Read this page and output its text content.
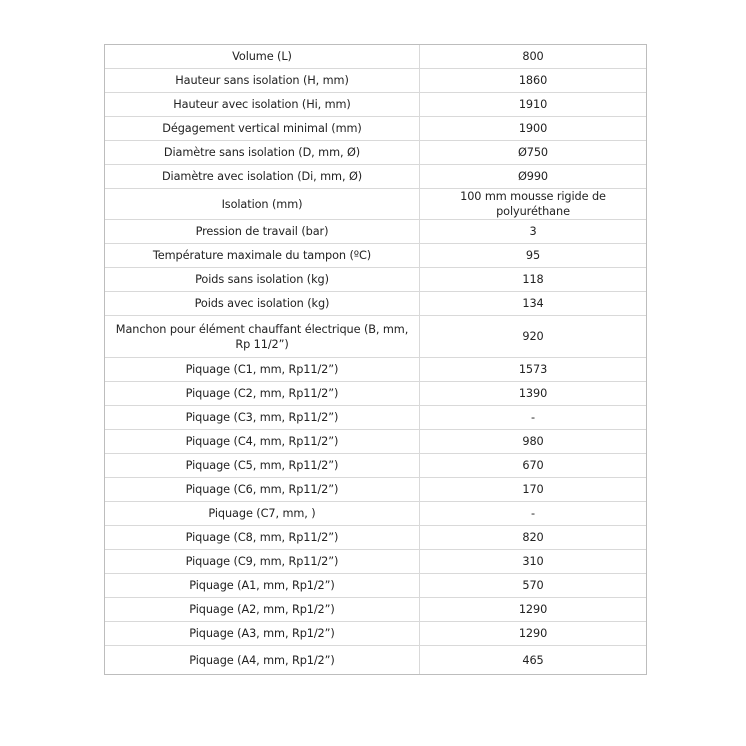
Volume (L)	800
Hauteur sans isolation (H, mm)	1860
Hauteur avec isolation (Hi, mm)	1910
Dégagement vertical minimal (mm)	1900
Diamètre sans isolation (D, mm, Ø)	Ø750
Diamètre avec isolation (Di, mm, Ø)	Ø990
Isolation (mm)	100 mm mousse rigide de polyuréthane
Pression de travail (bar)	3
Température maximale du tampon (ºC)	95
Poids sans isolation (kg)	118
Poids avec isolation (kg)	134
Manchon pour élément chauffant électrique (B, mm, Rp 11/2”)	920
Piquage (C1, mm, Rp11/2”)	1573
Piquage (C2, mm, Rp11/2”)	1390
Piquage (C3, mm, Rp11/2”)	-
Piquage (C4, mm, Rp11/2”)	980
Piquage (C5, mm, Rp11/2”)	670
Piquage (C6, mm, Rp11/2”)	170
Piquage (C7, mm, )	-
Piquage (C8, mm, Rp11/2”)	820
Piquage (C9, mm, Rp11/2”)	310
Piquage (A1, mm, Rp1/2”)	570
Piquage (A2, mm, Rp1/2”)	1290
Piquage (A3, mm, Rp1/2”)	1290
Piquage (A4, mm, Rp1/2”)	465
